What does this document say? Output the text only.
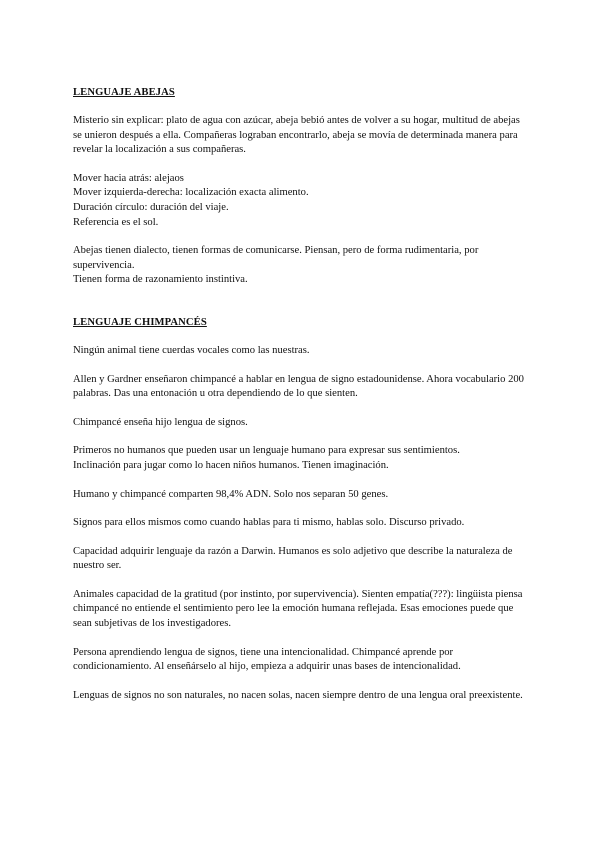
LENGUAJE ABEJAS

Misterio sin explicar: plato de agua con azúcar, abeja bebió antes de volver a su hogar, multitud de abejas se unieron después a ella. Compañeras lograban encontrarlo, abeja se movía de determinada manera para revelar la localización a sus compañeras.

Mover hacia atrás: alejaos

Mover izquierda-derecha: localización exacta alimento.

Duración círculo: duración del viaje.

Referencia es el sol.

Abejas tienen dialecto, tienen formas de comunicarse. Piensan, pero de forma rudimentaria, por supervivencia.

Tienen forma de razonamiento instintiva.

LENGUAJE CHIMPANCÉS

Ningún animal tiene cuerdas vocales como las nuestras.

Allen y Gardner enseñaron chimpancé a hablar en lengua de signo estadounidense. Ahora vocabulario 200 palabras. Das una entonación u otra dependiendo de lo que sienten.

Chimpancé enseña hijo lengua de signos.

Primeros no humanos que pueden usar un lenguaje humano para expresar sus sentimientos.

Inclinación para jugar como lo hacen niños humanos. Tienen imaginación.

Humano y chimpancé comparten 98,4% ADN. Solo nos separan 50 genes.

Signos para ellos mismos como cuando hablas para ti mismo, hablas solo. Discurso privado.

Capacidad adquirir lenguaje da razón a Darwin. Humanos es solo adjetivo que describe la naturaleza de nuestro ser.

Animales capacidad de la gratitud (por instinto, por supervivencia). Sienten empatía(???): lingüista piensa chimpancé no entiende el sentimiento pero lee la emoción humana reflejada. Esas emociones puede que sean subjetivas de los investigadores.

Persona aprendiendo lengua de signos, tiene una intencionalidad. Chimpancé aprende por condicionamiento. Al enseñárselo al hijo, empieza a adquirir unas bases de intencionalidad.

Lenguas de signos no son naturales, no nacen solas, nacen siempre dentro de una lengua oral preexistente.
